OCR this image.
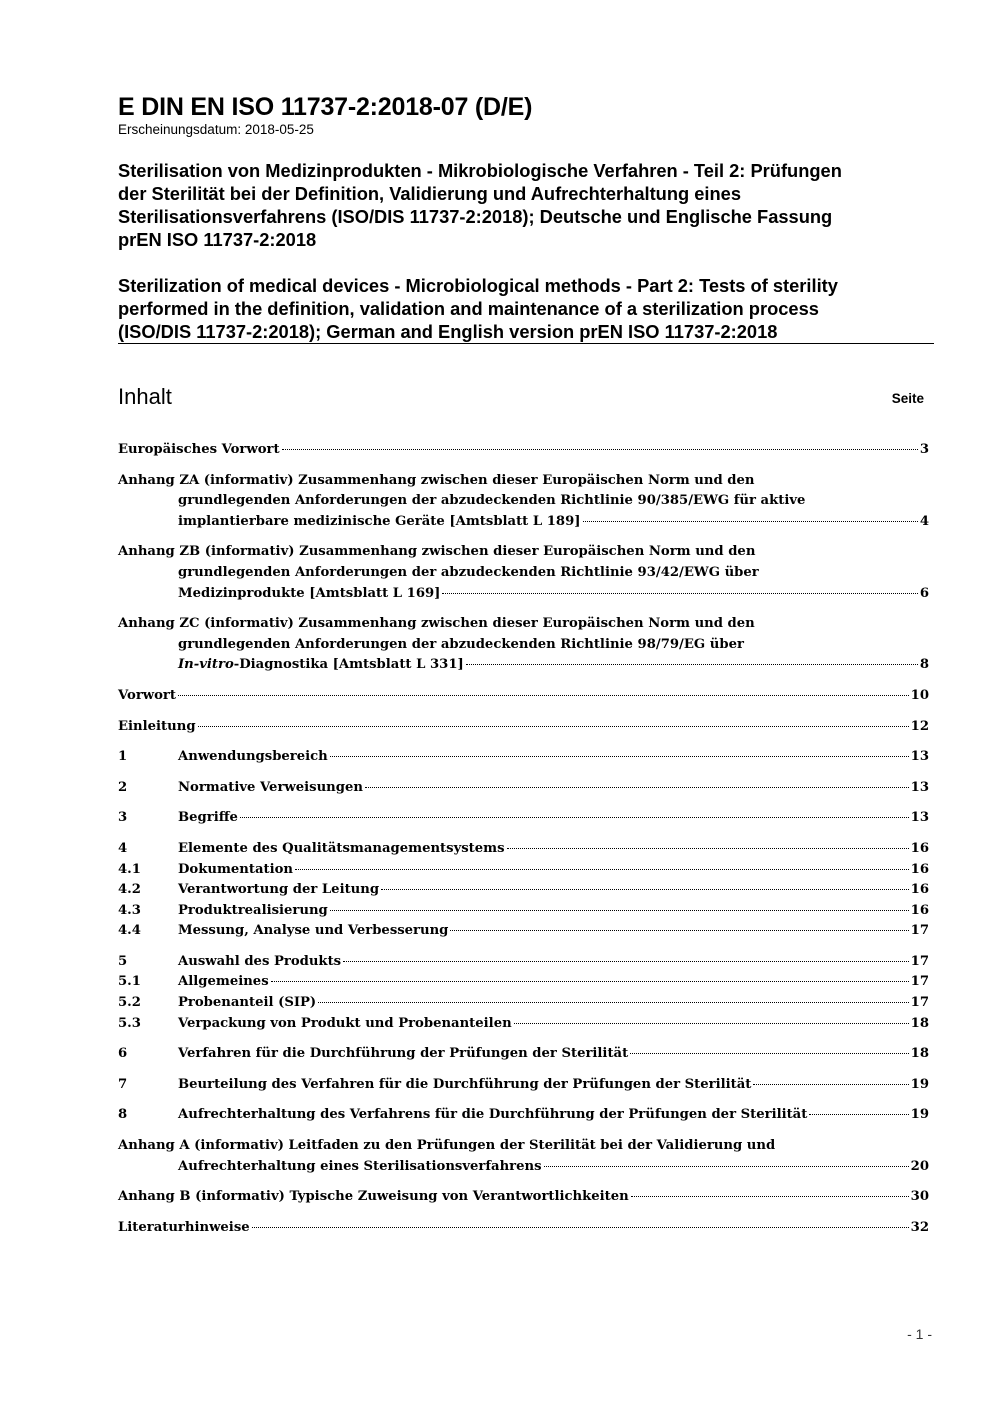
E DIN EN ISO 11737-2:2018-07 (D/E)
Erscheinungsdatum: 2018-05-25
Sterilisation von Medizinprodukten - Mikrobiologische Verfahren - Teil 2: Prüfungen
der Sterilität bei der Definition, Validierung und Aufrechterhaltung eines
Sterilisationsverfahrens (ISO/DIS 11737-2:2018); Deutsche und Englische Fassung
prEN ISO 11737-2:2018
Sterilization of medical devices - Microbiological methods - Part 2: Tests of sterility
performed in the definition, validation and maintenance of a sterilization process
(ISO/DIS 11737-2:2018); German and English version prEN ISO 11737-2:2018
Inhalt	Seite
Europäisches Vorwort	3
Anhang ZA (informativ) Zusammenhang zwischen dieser Europäischen Norm und den
grundlegenden Anforderungen der abzudeckenden Richtlinie 90/385/EWG für aktive
implantierbare medizinische Geräte [Amtsblatt L 189]	4
Anhang ZB (informativ) Zusammenhang zwischen dieser Europäischen Norm und den
grundlegenden Anforderungen der abzudeckenden Richtlinie 93/42/EWG über
Medizinprodukte [Amtsblatt L 169]	6
Anhang ZC (informativ) Zusammenhang zwischen dieser Europäischen Norm und den
grundlegenden Anforderungen der abzudeckenden Richtlinie 98/79/EG über
In-vitro -Diagnostika [Amtsblatt L 331]	8
Vorwort	10
Einleitung	12
1	Anwendungsbereich	13
2	Normative Verweisungen	13
3	Begriffe	13
4	Elemente des Qualitätsmanagementsystems	16
4.1	Dokumentation	16
4.2	Verantwortung der Leitung	16
4.3	Produktrealisierung	16
4.4	Messung, Analyse und Verbesserung	17
5	Auswahl des Produkts	17
5.1	Allgemeines	17
5.2	Probenanteil (SIP)	17
5.3	Verpackung von Produkt und Probenanteilen	18
6	Verfahren für die Durchführung der Prüfungen der Sterilität	18
7	Beurteilung des Verfahren für die Durchführung der Prüfungen der Sterilität	19
8	Aufrechterhaltung des Verfahrens für die Durchführung der Prüfungen der Sterilität	19
Anhang A (informativ) Leitfaden zu den Prüfungen der Sterilität bei der Validierung und
Aufrechterhaltung eines Sterilisationsverfahrens	20
Anhang B (informativ) Typische Zuweisung von Verantwortlichkeiten	30
Literaturhinweise	32
- 1 -
